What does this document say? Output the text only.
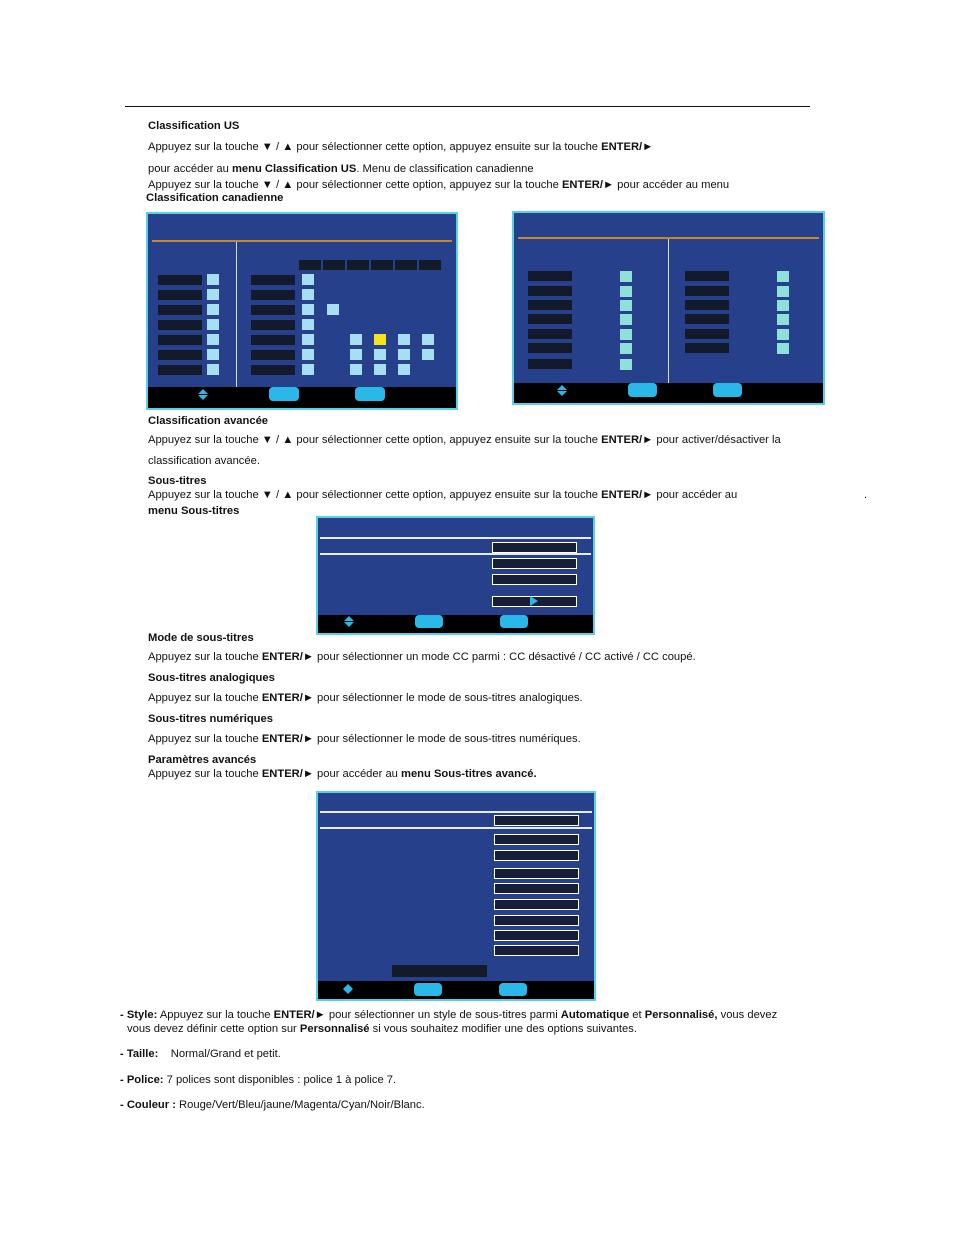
Classification US
Appuyez sur la touche ▼ / ▲ pour sélectionner cette option, appuyez ensuite sur la touche ENTER/►
pour accéder au menu Classification US. Menu de classification canadienne
Appuyez sur la touche ▼ / ▲ pour sélectionner cette option, appuyez sur la touche ENTER/► pour accéder au menu
Classification canadienne
Classification avancée
Appuyez sur la touche ▼ / ▲ pour sélectionner cette option, appuyez ensuite sur la touche ENTER/► pour activer/désactiver la
classification avancée.
Sous-titres
Appuyez sur la touche ▼ / ▲ pour sélectionner cette option, appuyez ensuite sur la touche ENTER/► pour accéder au	.
menu Sous-titres
Mode de sous-titres
Appuyez sur la touche ENTER/► pour sélectionner un mode CC parmi : CC désactivé / CC activé / CC coupé.
Sous-titres analogiques
Appuyez sur la touche ENTER/► pour sélectionner le mode de sous-titres analogiques.
Sous-titres numériques
Appuyez sur la touche ENTER/► pour sélectionner le mode de sous-titres numériques.
Paramètres avancés
Appuyez sur la touche ENTER/► pour accéder au menu Sous-titres avancé.
- Style: Appuyez sur la touche ENTER/► pour sélectionner un style de sous-titres parmi Automatique et Personnalisé, vous devez
vous devez définir cette option sur Personnalisé si vous souhaitez modifier une des options suivantes.
- Taille: Normal/Grand et petit.
- Police: 7 polices sont disponibles : police 1 à police 7.
- Couleur : Rouge/Vert/Bleu/jaune/Magenta/Cyan/Noir/Blanc.
